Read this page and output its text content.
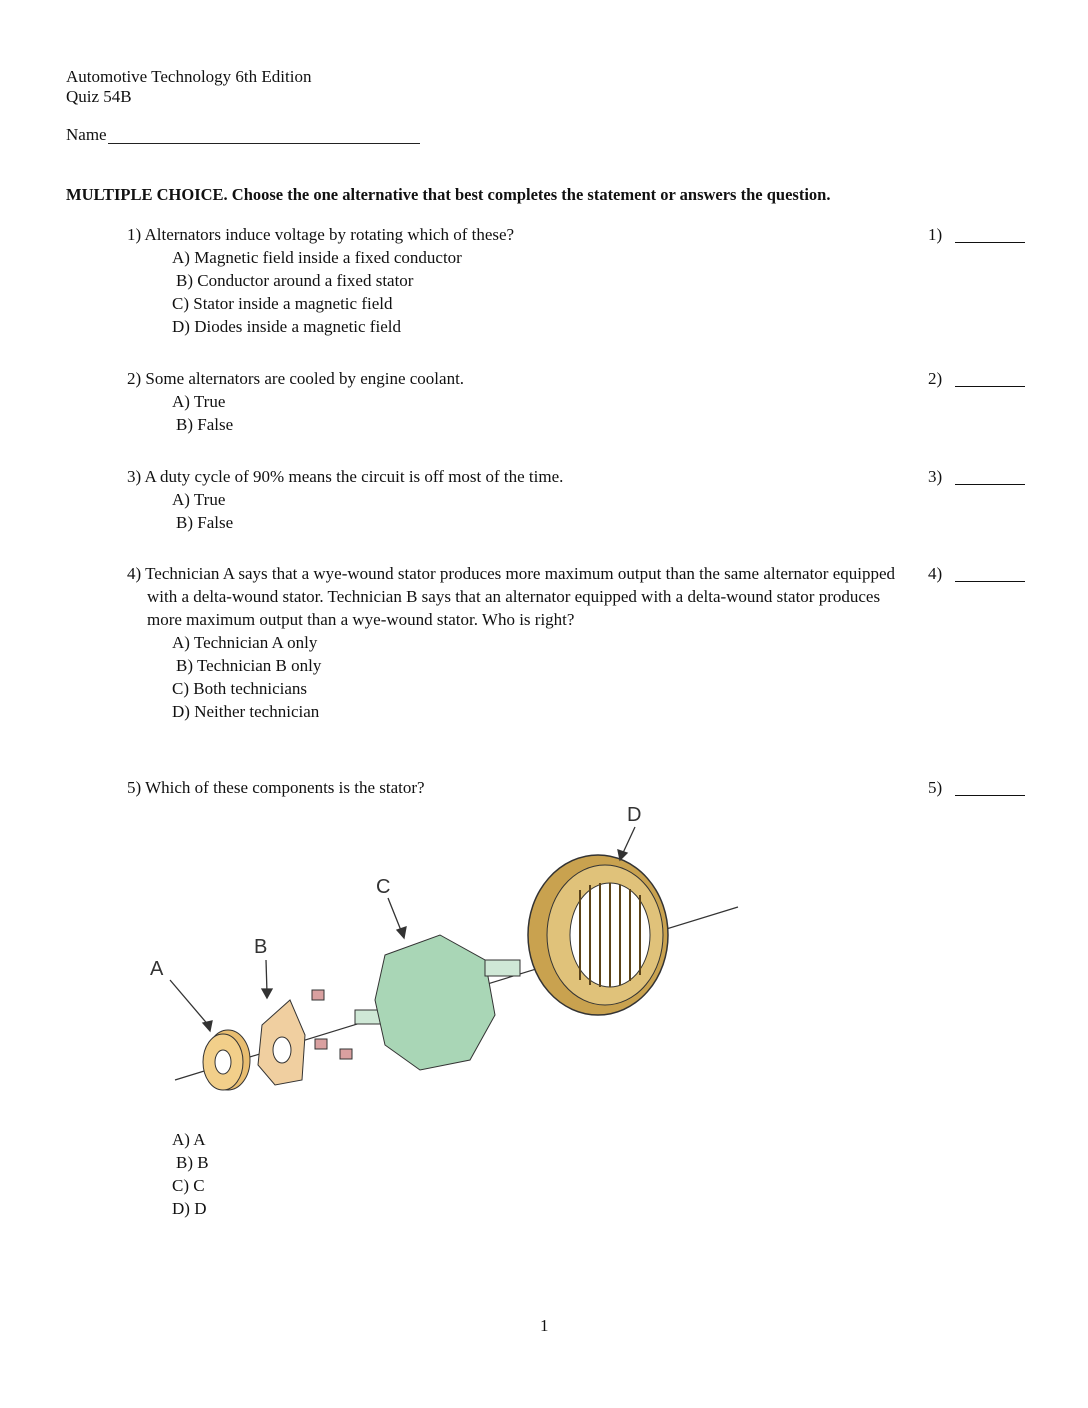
Automotive Technology 6th Edition
Quiz 54B
Name
MULTIPLE CHOICE. Choose the one alternative that best completes the statement or answers the question.
1) Alternators induce voltage by rotating which of these?
A) Magnetic field inside a fixed conductor
B) Conductor around a fixed stator
C) Stator inside a magnetic field
D) Diodes inside a magnetic field
1)
2) Some alternators are cooled by engine coolant.
A) True
B) False
2)
3) A duty cycle of 90% means the circuit is off most of the time.
A) True
B) False
3)
4) Technician A says that a wye-wound stator produces more maximum output than the same alternator equipped with a delta-wound stator. Technician B says that an alternator equipped with a delta-wound stator produces more maximum output than a wye-wound stator. Who is right?
A) Technician A only
B) Technician B only
C) Both technicians
D) Neither technician
4)
5) Which of these components is the stator?	5)
A
B
C
D
A) A
B) B
C) C
D) D
1
